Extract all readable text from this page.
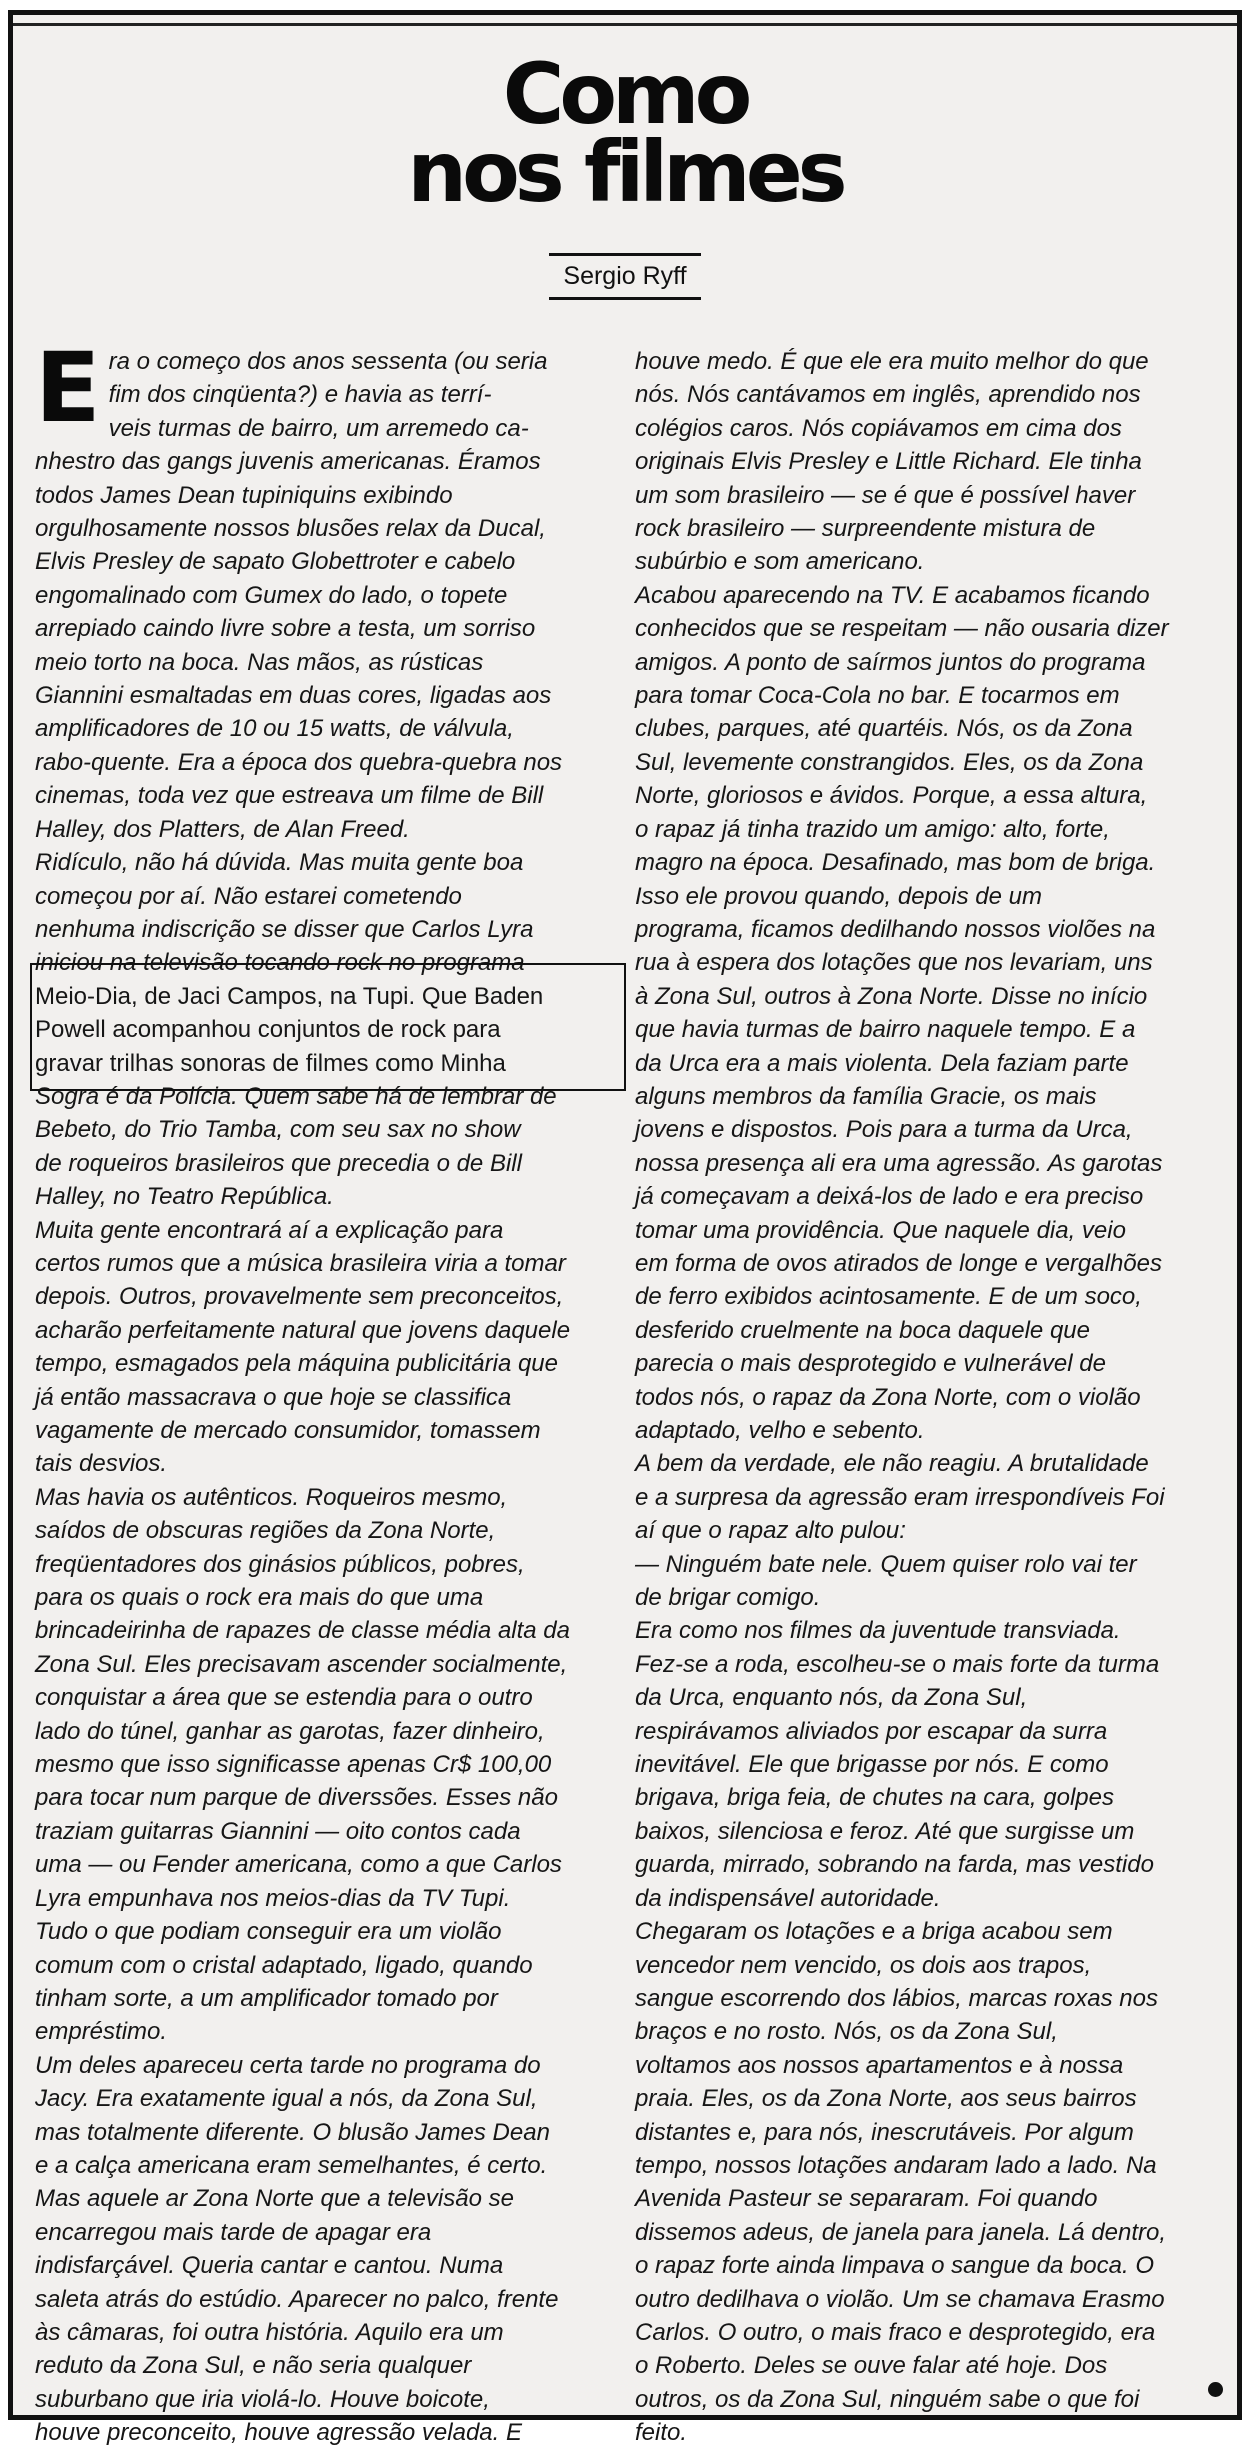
Como

nos filmes

Sergio Ryff
E ra o começo dos anos sessenta (ou seria

fim dos cinqüenta?) e havia as terrí-

veis turmas de bairro, um arremedo ca-

nhestro das gangs juvenis americanas. Éramos

todos James Dean tupiniquins exibindo

orgulhosamente nossos blusões relax da Ducal,

Elvis Presley de sapato Globettroter e cabelo

engomalinado com Gumex do lado, o topete

arrepiado caindo livre sobre a testa, um sorriso

meio torto na boca. Nas mãos, as rústicas

Giannini esmaltadas em duas cores, ligadas aos

amplificadores de 10 ou 15 watts, de válvula,

rabo-quente. Era a época dos quebra-quebra nos

cinemas, toda vez que estreava um filme de Bill

Halley, dos Platters, de Alan Freed.

Ridículo, não há dúvida. Mas muita gente boa

começou por aí. Não estarei cometendo

nenhuma indiscrição se disser que Carlos Lyra

iniciou na televisão tocando rock no programa

Meio-Dia, de Jaci Campos, na Tupi. Que Baden

Powell acompanhou conjuntos de rock para

gravar trilhas sonoras de filmes como Minha

Sogra é da Polícia. Quem sabe há de lembrar de

Bebeto, do Trio Tamba, com seu sax no show

de roqueiros brasileiros que precedia o de Bill

Halley, no Teatro República.

Muita gente encontrará aí a explicação para

certos rumos que a música brasileira viria a tomar

depois. Outros, provavelmente sem preconceitos,

acharão perfeitamente natural que jovens daquele

tempo, esmagados pela máquina publicitária que

já então massacrava o que hoje se classifica

vagamente de mercado consumidor, tomassem

tais desvios.

Mas havia os autênticos. Roqueiros mesmo,

saídos de obscuras regiões da Zona Norte,

freqüentadores dos ginásios públicos, pobres,

para os quais o rock era mais do que uma

brincadeirinha de rapazes de classe média alta da

Zona Sul. Eles precisavam ascender socialmente,

conquistar a área que se estendia para o outro

lado do túnel, ganhar as garotas, fazer dinheiro,

mesmo que isso significasse apenas Cr$ 100,00

para tocar num parque de diverssões. Esses não

traziam guitarras Giannini — oito contos cada

uma — ou Fender americana, como a que Carlos

Lyra empunhava nos meios-dias da TV Tupi.

Tudo o que podiam conseguir era um violão

comum com o cristal adaptado, ligado, quando

tinham sorte, a um amplificador tomado por

empréstimo.

Um deles apareceu certa tarde no programa do

Jacy. Era exatamente igual a nós, da Zona Sul,

mas totalmente diferente. O blusão James Dean

e a calça americana eram semelhantes, é certo.

Mas aquele ar Zona Norte que a televisão se

encarregou mais tarde de apagar era

indisfarçável. Queria cantar e cantou. Numa

saleta atrás do estúdio. Aparecer no palco, frente

às câmaras, foi outra história. Aquilo era um

reduto da Zona Sul, e não seria qualquer

suburbano que iria violá-lo. Houve boicote,

houve preconceito, houve agressão velada. E

houve medo. É que ele era muito melhor do que

nós. Nós cantávamos em inglês, aprendido nos

colégios caros. Nós copiávamos em cima dos

originais Elvis Presley e Little Richard. Ele tinha

um som brasileiro — se é que é possível haver

rock brasileiro — surpreendente mistura de

subúrbio e som americano.

Acabou aparecendo na TV. E acabamos ficando

conhecidos que se respeitam — não ousaria dizer

amigos. A ponto de saírmos juntos do programa

para tomar Coca-Cola no bar. E tocarmos em

clubes, parques, até quartéis. Nós, os da Zona

Sul, levemente constrangidos. Eles, os da Zona

Norte, gloriosos e ávidos. Porque, a essa altura,

o rapaz já tinha trazido um amigo: alto, forte,

magro na época. Desafinado, mas bom de briga.

Isso ele provou quando, depois de um

programa, ficamos dedilhando nossos violões na

rua à espera dos lotações que nos levariam, uns

à Zona Sul, outros à Zona Norte. Disse no início

que havia turmas de bairro naquele tempo. E a

da Urca era a mais violenta. Dela faziam parte

alguns membros da família Gracie, os mais

jovens e dispostos. Pois para a turma da Urca,

nossa presença ali era uma agressão. As garotas

já começavam a deixá-los de lado e era preciso

tomar uma providência. Que naquele dia, veio

em forma de ovos atirados de longe e vergalhões

de ferro exibidos acintosamente. E de um soco,

desferido cruelmente na boca daquele que

parecia o mais desprotegido e vulnerável de

todos nós, o rapaz da Zona Norte, com o violão

adaptado, velho e sebento.

A bem da verdade, ele não reagiu. A brutalidade

e a surpresa da agressão eram irrespondíveis Foi

aí que o rapaz alto pulou:

— Ninguém bate nele. Quem quiser rolo vai ter

de brigar comigo.

Era como nos filmes da juventude transviada.

Fez-se a roda, escolheu-se o mais forte da turma

da Urca, enquanto nós, da Zona Sul,

respirávamos aliviados por escapar da surra

inevitável. Ele que brigasse por nós. E como

brigava, briga feia, de chutes na cara, golpes

baixos, silenciosa e feroz. Até que surgisse um

guarda, mirrado, sobrando na farda, mas vestido

da indispensável autoridade.

Chegaram os lotações e a briga acabou sem

vencedor nem vencido, os dois aos trapos,

sangue escorrendo dos lábios, marcas roxas nos

braços e no rosto. Nós, os da Zona Sul,

voltamos aos nossos apartamentos e à nossa

praia. Eles, os da Zona Norte, aos seus bairros

distantes e, para nós, inescrutáveis. Por algum

tempo, nossos lotações andaram lado a lado. Na

Avenida Pasteur se separaram. Foi quando

dissemos adeus, de janela para janela. Lá dentro,

o rapaz forte ainda limpava o sangue da boca. O

outro dedilhava o violão. Um se chamava Erasmo

Carlos. O outro, o mais fraco e desprotegido, era

o Roberto. Deles se ouve falar até hoje. Dos

outros, os da Zona Sul, ninguém sabe o que foi

feito.
